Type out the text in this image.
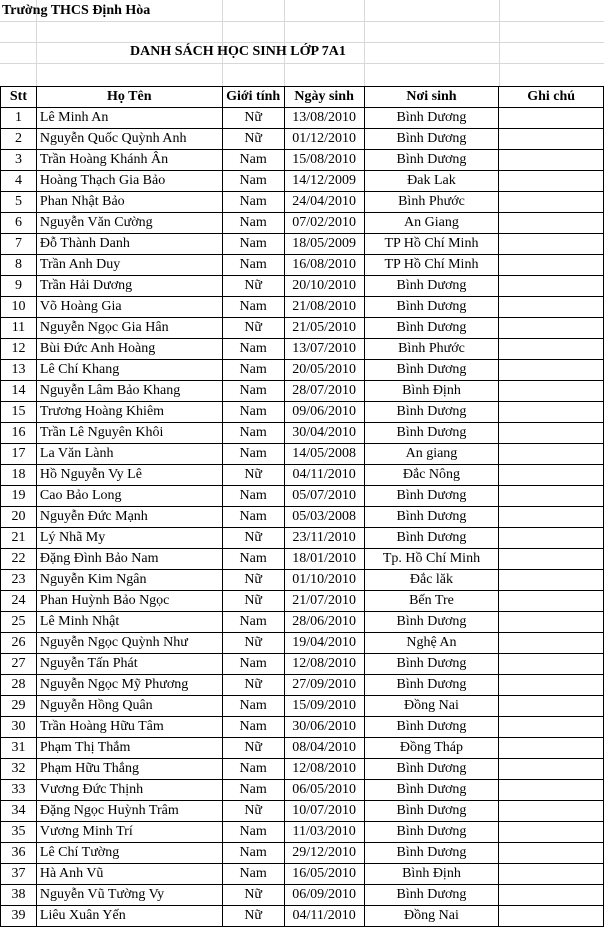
Trường THCS Định Hòa
DANH SÁCH HỌC SINH LỚP 7A1
Stt	Họ Tên	Giới tính	Ngày sinh	Nơi sinh	Ghi chú
1	Lê Minh An	Nữ	13/08/2010	Bình Dương	
2	Nguyễn Quốc Quỳnh Anh	Nữ	01/12/2010	Bình Dương	
3	Trần Hoàng Khánh Ân	Nam	15/08/2010	Bình Dương	
4	Hoàng Thạch Gia Bảo	Nam	14/12/2009	Đak Lak	
5	Phan Nhật Bảo	Nam	24/04/2010	Bình Phước	
6	Nguyễn Văn Cường	Nam	07/02/2010	An Giang	
7	Đỗ Thành Danh	Nam	18/05/2009	TP Hồ Chí Minh	
8	Trần Anh Duy	Nam	16/08/2010	TP Hồ Chí Minh	
9	Trần Hải Dương	Nữ	20/10/2010	Bình Dương	
10	Võ Hoàng Gia	Nam	21/08/2010	Bình Dương	
11	Nguyễn Ngọc Gia Hân	Nữ	21/05/2010	Bình Dương	
12	Bùi Đức Anh Hoàng	Nam	13/07/2010	Bình Phước	
13	Lê Chí Khang	Nam	20/05/2010	Bình Dương	
14	Nguyễn Lâm Bảo Khang	Nam	28/07/2010	Bình Định	
15	Trương Hoàng Khiêm	Nam	09/06/2010	Bình Dương	
16	Trần Lê Nguyên Khôi	Nam	30/04/2010	Bình Dương	
17	La Văn Lành	Nam	14/05/2008	An giang	
18	Hồ Nguyễn Vy Lê	Nữ	04/11/2010	Đắc Nông	
19	Cao Bảo Long	Nam	05/07/2010	Bình Dương	
20	Nguyễn Đức Mạnh	Nam	05/03/2008	Bình Dương	
21	Lý Nhã My	Nữ	23/11/2010	Bình Dương	
22	Đặng Đình Bảo Nam	Nam	18/01/2010	Tp. Hồ Chí Minh	
23	Nguyễn Kim Ngân	Nữ	01/10/2010	Đắc lăk	
24	Phan Huỳnh Bảo Ngọc	Nữ	21/07/2010	Bến Tre	
25	Lê Minh Nhật	Nam	28/06/2010	Bình Dương	
26	Nguyễn Ngọc Quỳnh Như	Nữ	19/04/2010	Nghệ An	
27	Nguyễn Tấn Phát	Nam	12/08/2010	Bình Dương	
28	Nguyễn Ngọc Mỹ Phương	Nữ	27/09/2010	Bình Dương	
29	Nguyễn Hồng Quân	Nam	15/09/2010	Đồng Nai	
30	Trần Hoàng Hữu Tâm	Nam	30/06/2010	Bình Dương	
31	Phạm Thị Thắm	Nữ	08/04/2010	Đồng Tháp	
32	Phạm Hữu Thắng	Nam	12/08/2010	Bình Dương	
33	Vương Đức Thịnh	Nam	06/05/2010	Bình Dương	
34	Đặng Ngọc Huỳnh Trâm	Nữ	10/07/2010	Bình Dương	
35	Vương Minh Trí	Nam	11/03/2010	Bình Dương	
36	Lê Chí Tường	Nam	29/12/2010	Bình Dương	
37	Hà Anh Vũ	Nam	16/05/2010	Bình Định	
38	Nguyễn Vũ Tường Vy	Nữ	06/09/2010	Bình Dương	
39	Liêu Xuân Yến	Nữ	04/11/2010	Đồng Nai	
